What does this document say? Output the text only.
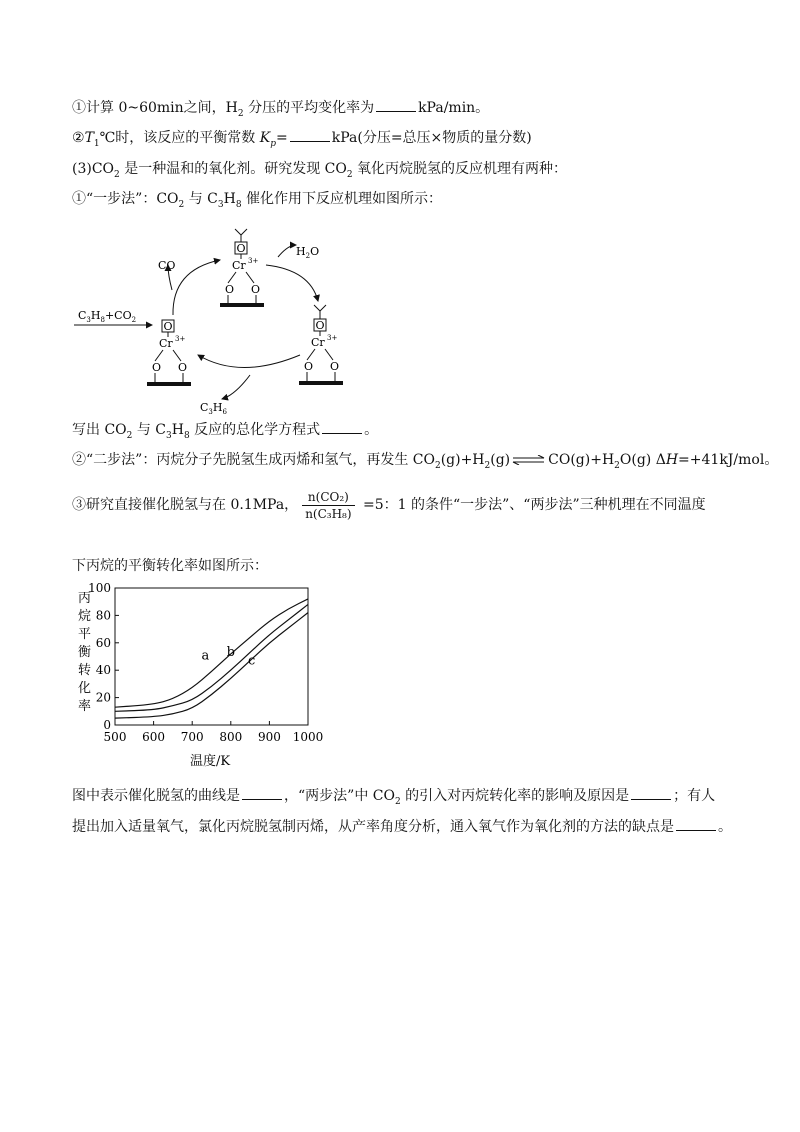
①计算 0~60min之间，$H_2$ 分压的平均变化率为	kPa/min。
$②T_1℃$时，该反应的平衡常数 $K_p=$	kPa(分压=总压×物质的量分数)
$(3)CO_2$ 是一种温和的氧化剂。研究发现 $CO_2$ 氧化丙烷脱氢的反应机理有两种：
①“一步法”：$CO_2$ 与 $C_3H_8$ 催化作用下反应机理如图所示：
O
Cr 3+
O O
O
Cr 3+
O O
O
Cr 3+
O O
CO
$H_2O$
$C_3H_8+CO_2$
$C_3H_6$
写出 $CO_2$ 与 $C_3H_8$ 反应的总化学方程式	。
②“二步法”：丙烷分子先脱氢生成丙烯和氢气，再发生 $CO_2(g)+H_2(g)$ ⇌ $CO(g)+H_2O(g)$ ΔH=+41kJ/mol。
③研究直接催化脱氢与在 0.1MPa， $\frac{\text{n(CO₂)}}{\text{n(C₃H₈)}} =5$：1 的条件“一步法”、“两步法”三种机理在不同温度
下丙烷的平衡转化率如图所示：
丙
烷
平
衡
转
化
率
500 600 700 800 900 1000
0
20
40
60
80
100
a b
c
温度/K
图中表示催化脱氢的曲线是	，“两步法”中 $CO_2$ 的引入对丙烷转化率的影响及原因是	；有人
提出加入适量氧气，氯化丙烷脱氢制丙烯，从产率角度分析，通入氧气作为氧化剂的方法的缺点是	。
